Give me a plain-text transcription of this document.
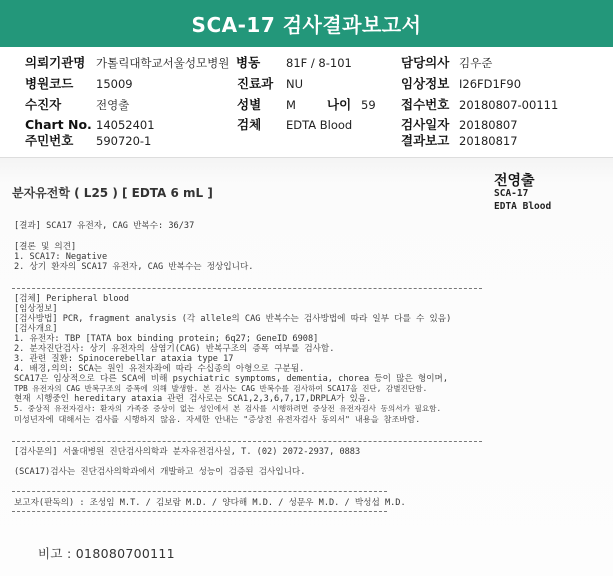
SCA-17 검사결과보고서
의뢰기관명 가톨릭대학교서울성모병원 병동 81F / 8-101	담당의사 김우준
병원코드 15009	진료과 NU	임상정보 I26FD1F90
수진자	전영출	성별 M 나이 59 접수번호 20180807-00111
Chart No. 14052401	검체 EDTA Blood	검사일자 20180807
주민번호 590720-1	결과보고 20180817
전영출
SCA-17
EDTA Blood
분자유전학 ( L25 ) [ EDTA 6 mL ]
[결과] SCA17 유전자, CAG 반복수: 36/37
[결론 및 의견]
1. SCA17: Negative
2. 상기 환자의 SCA17 유전자, CAG 반복수는 정상입니다.
[검체] Peripheral blood
[임상정보]
[검사방법] PCR, fragment analysis (각 allele의 CAG 반복수는 검사방법에 따라 일부 다를 수 있음)
[검사개요]
1. 유전자: TBP [TATA box binding protein; 6q27; GeneID 6908]
2. 분자진단검사: 상기 유전자의 삼염기(CAG) 반복구조의 증폭 여부를 검사함.
3. 관련 질환: Spinocerebellar ataxia type 17
4. 배경,의의: SCA는 원인 유전자좌에 따라 수십종의 아형으로 구분됨.
SCA17은 임상적으로 다른 SCA에 비해 psychiatric symptoms, dementia, chorea 등이 많은 형이며,
TPB 유전자의 CAG 반복구조의 증폭에 의해 발생함. 본 검사는 CAG 반복수를 검사하여 SCA17을 진단, 감별진단함.
현재 시행중인 hereditary ataxia 관련 검사로는 SCA1,2,3,6,7,17,DRPLA가 있음.
5. 중상적 유전자검사: 환자의 가족중 증상이 없는 성인에서 본 검사를 시행하려면 증상전 유전자검사 동의서가 필요함.
미성년자에 대해서는 검사를 시행하지 않음. 자세한 안내는 "증상전 유전자검사 동의서" 내용을 참조바람.
[검사문의] 서울대병원 진단검사의학과 분자유전검사실, T. (02) 2072-2937, 0883
(SCA17)검사는 진단검사의학과에서 개발하고 성능이 검증된 검사입니다.
보고자(판독의) : 조성임 M.T. / 김보람 M.D. / 양다해 M.D. / 성문우 M.D. / 박성섭 M.D.
비고 : 018080700111
